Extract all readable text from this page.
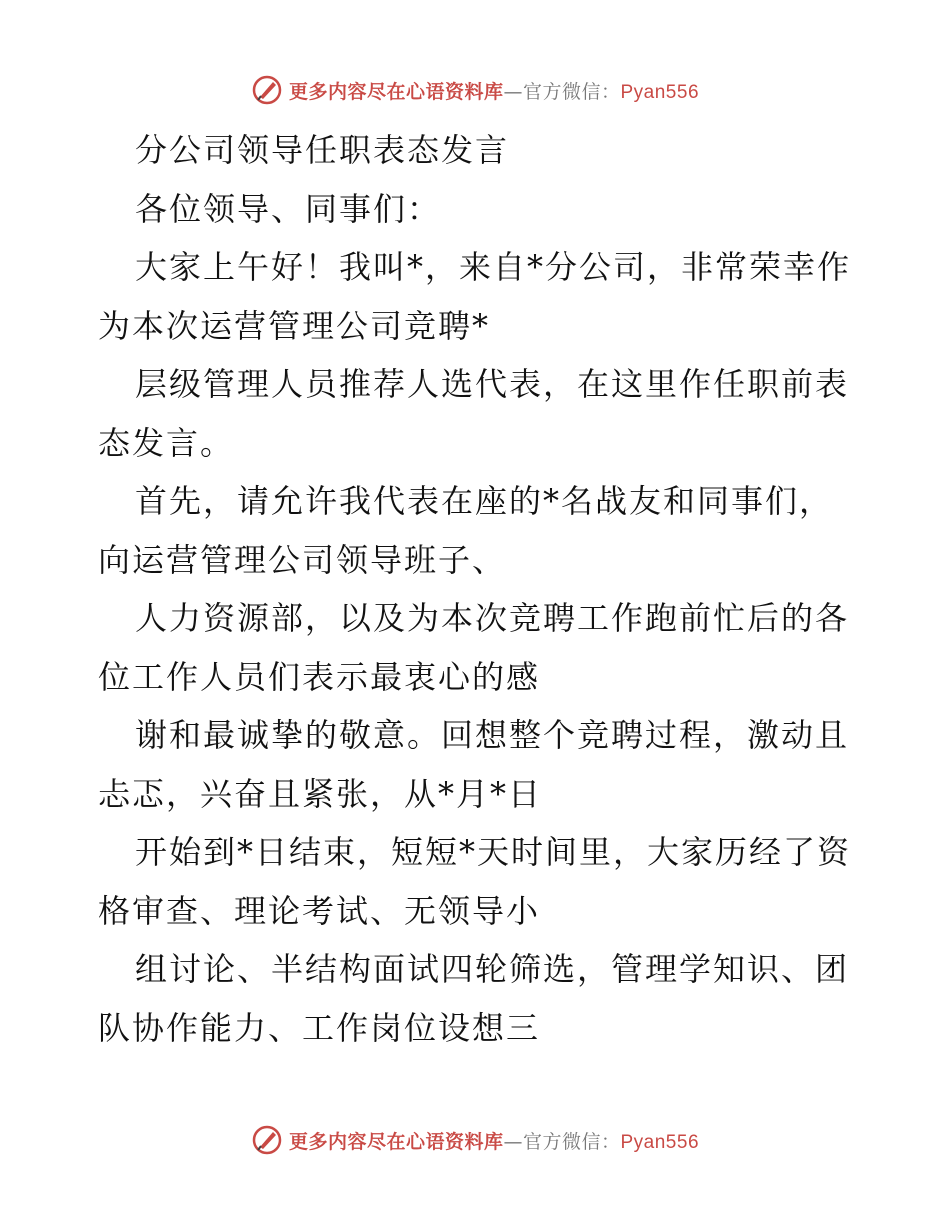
更多内容尽在心语资料库—官方微信：Pyan556

分公司领导任职表态发言

各位领导、同事们：

大家上午好！我叫*，来自*分公司，非常荣幸作为本次运营管理公司竞聘*

层级管理人员推荐人选代表，在这里作任职前表态发言。

首先，请允许我代表在座的*名战友和同事们，向运营管理公司领导班子、

人力资源部，以及为本次竞聘工作跑前忙后的各位工作人员们表示最衷心的感

谢和最诚挚的敬意。回想整个竞聘过程，激动且忐忑，兴奋且紧张，从*月*日

开始到*日结束，短短*天时间里，大家历经了资格审查、理论考试、无领导小

组讨论、半结构面试四轮筛选，管理学知识、团队协作能力、工作岗位设想三

更多内容尽在心语资料库—官方微信：Pyan556
